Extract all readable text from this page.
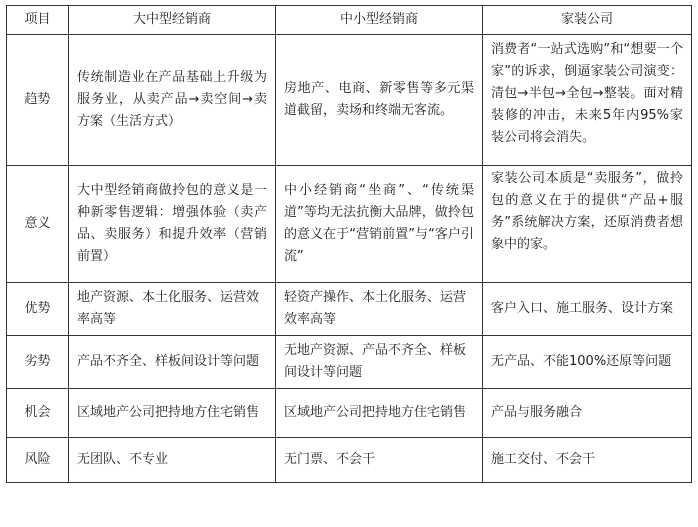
项目	大中型经销商	中小型经销商	家装公司
趋势	传统制造业在产品基础上升级为服务业，从卖产品→卖空间→卖方案（生活方式）	房地产、电商、新零售等多元渠道截留，卖场和终端无客流。	消费者“一站式选购”和“想要一个家”的诉求，倒逼家装公司演变：清包→半包→全包→整装。面对精装修的冲击，未来5年内95%家装公司将会消失。
意义	大中型经销商做拎包的意义是一种新零售逻辑：增强体验（卖产品、卖服务）和提升效率（营销前置）	中小经销商“坐商”、“传统渠道”等均无法抗衡大品牌，做拎包的意义在于“营销前置”与“客户引流”	家装公司本质是“卖服务”，做拎包的意义在于的提供“产品+服务”系统解决方案，还原消费者想象中的家。
优势	地产资源、本土化服务、运营效率高等	轻资产操作、本土化服务、运营效率高等	客户入口、施工服务、设计方案
劣势	产品不齐全、样板间设计等问题	无地产资源、产品不齐全、样板间设计等问题	无产品、不能100%还原等问题
机会	区域地产公司把持地方住宅销售	区域地产公司把持地方住宅销售	产品与服务融合
风险	无团队、不专业	无门票、不会干	施工交付、不会干
